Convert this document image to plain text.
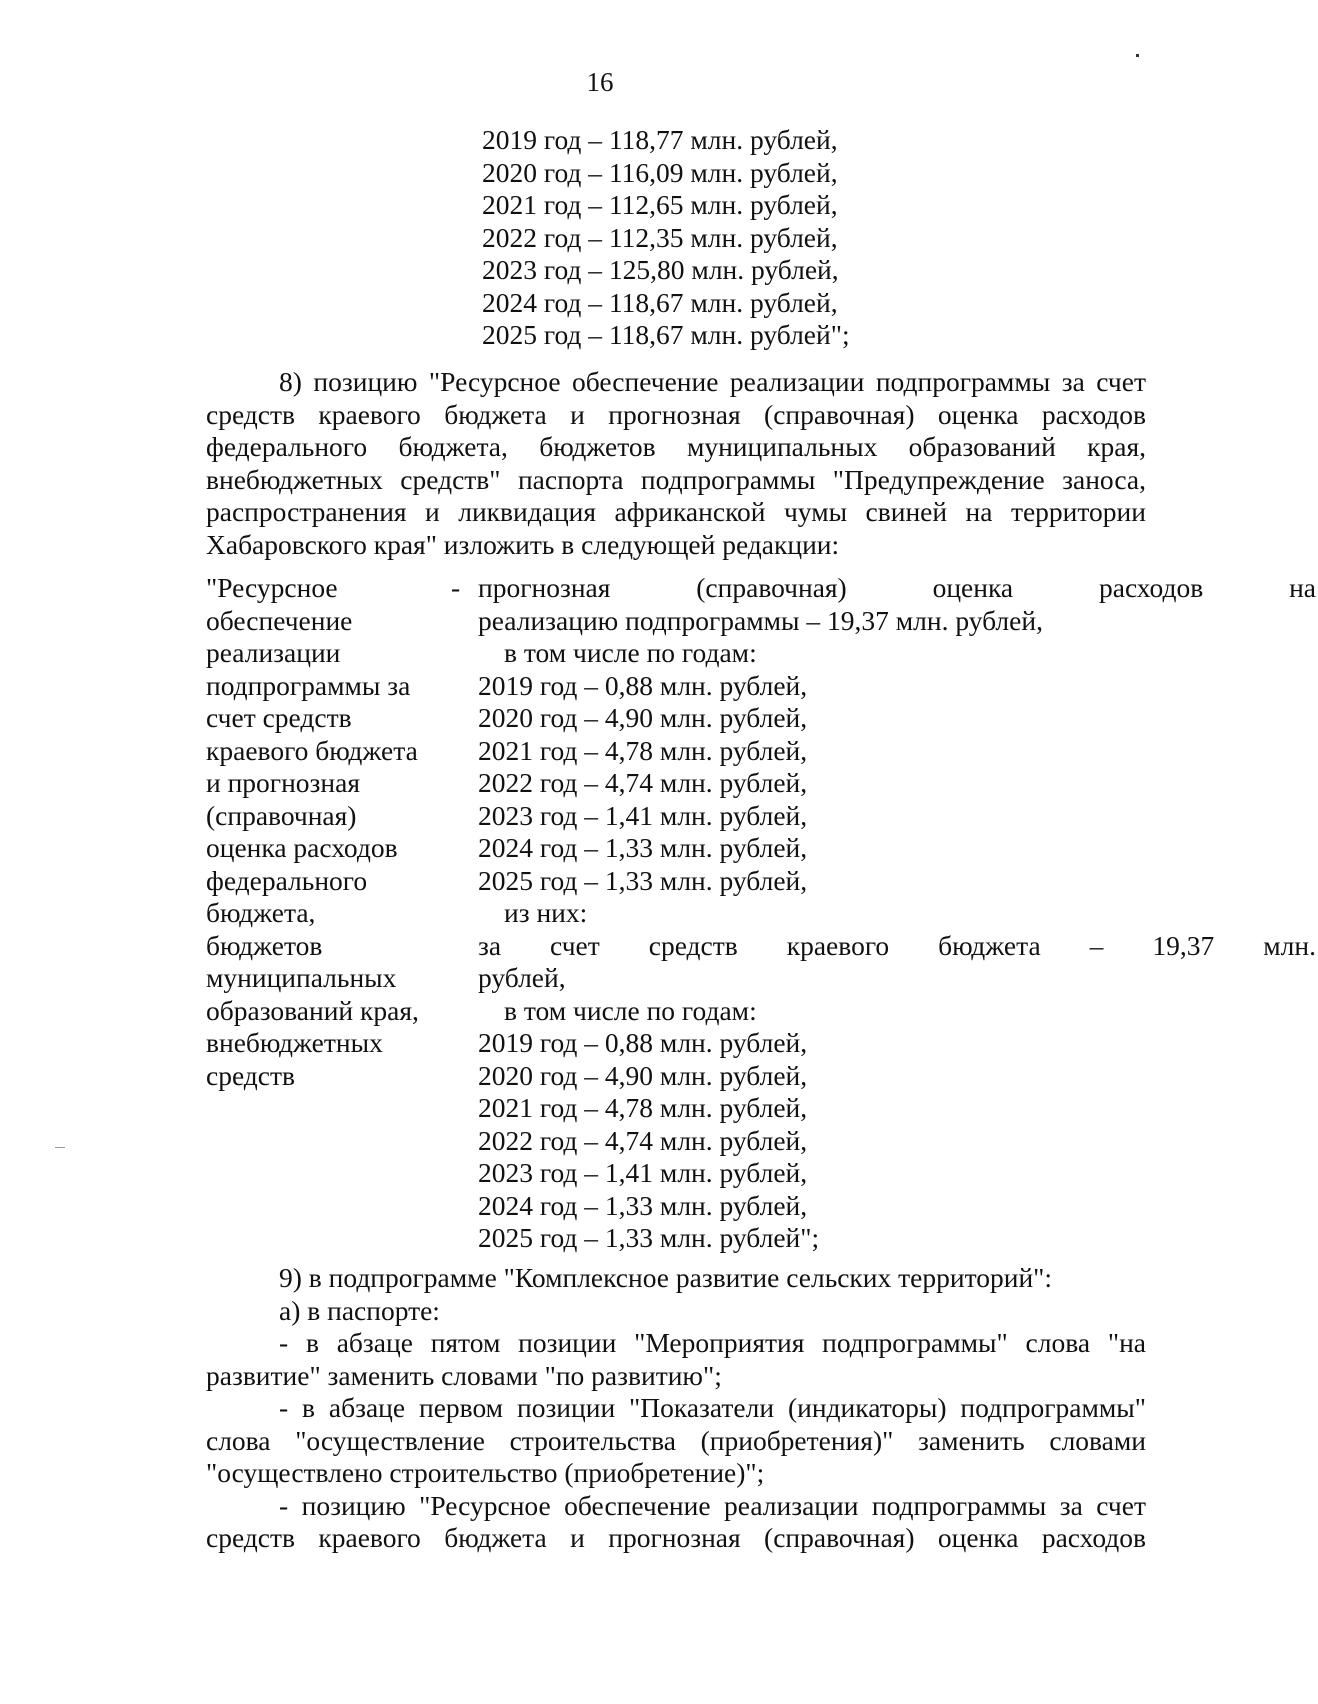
16
2019 год – 118,77 млн. рублей,
2020 год – 116,09 млн. рублей,
2021 год – 112,65 млн. рублей,
2022 год – 112,35 млн. рублей,
2023 год – 125,80 млн. рублей,
2024 год – 118,67 млн. рублей,
2025 год – 118,67 млн. рублей";
8) позицию "Ресурсное обеспечение реализации подпрограммы за счет
средств краевого бюджета и прогнозная (справочная) оценка расходов
федерального бюджета, бюджетов муниципальных образований края,
внебюджетных средств" паспорта подпрограммы "Предупреждение заноса,
распространения и ликвидация африканской чумы свиней на территории
Хабаровского края" изложить в следующей редакции:
"Ресурсное
обеспечение
реализации
подпрограммы за
счет средств
краевого бюджета
и прогнозная
(справочная)
оценка расходов
федерального
бюджета,
бюджетов
муниципальных
образований края,
внебюджетных
средств
- прогнозная (справочная) оценка расходов на
реализацию подпрограммы – 19,37 млн. рублей,
в том числе по годам:
2019 год – 0,88 млн. рублей,
2020 год – 4,90 млн. рублей,
2021 год – 4,78 млн. рублей,
2022 год – 4,74 млн. рублей,
2023 год – 1,41 млн. рублей,
2024 год – 1,33 млн. рублей,
2025 год – 1,33 млн. рублей,
из них:
за счет средств краевого бюджета – 19,37 млн.
рублей,
в том числе по годам:
2019 год – 0,88 млн. рублей,
2020 год – 4,90 млн. рублей,
2021 год – 4,78 млн. рублей,
2022 год – 4,74 млн. рублей,
2023 год – 1,41 млн. рублей,
2024 год – 1,33 млн. рублей,
2025 год – 1,33 млн. рублей";
9) в подпрограмме "Комплексное развитие сельских территорий":
а) в паспорте:
- в абзаце пятом позиции "Мероприятия подпрограммы" слова "на
развитие" заменить словами "по развитию";
- в абзаце первом позиции "Показатели (индикаторы) подпрограммы"
слова "осуществление строительства (приобретения)" заменить словами
"осуществлено строительство (приобретение)";
- позицию "Ресурсное обеспечение реализации подпрограммы за счет
средств краевого бюджета и прогнозная (справочная) оценка расходов
